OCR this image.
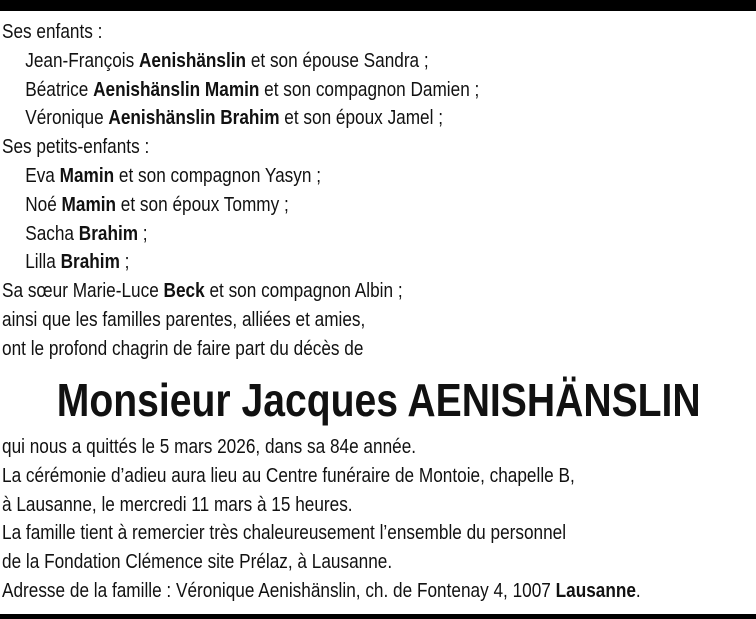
Ses enfants :
Jean-François Aenishänslin et son épouse Sandra ;
Béatrice Aenishänslin Mamin et son compagnon Damien ;
Véronique Aenishänslin Brahim et son époux Jamel ;
Ses petits-enfants :
Eva Mamin et son compagnon Yasyn ;
Noé Mamin et son époux Tommy ;
Sacha Brahim ;
Lilla Brahim ;
Sa sœur Marie-Luce Beck et son compagnon Albin ;
ainsi que les familles parentes, alliées et amies,
ont le profond chagrin de faire part du décès de
Monsieur Jacques AENISHÄNSLIN
qui nous a quittés le 5 mars 2026, dans sa 84e année.
La cérémonie d’adieu aura lieu au Centre funéraire de Montoie, chapelle B,
à Lausanne, le mercredi 11 mars à 15 heures.
La famille tient à remercier très chaleureusement l’ensemble du personnel
de la Fondation Clémence site Prélaz, à Lausanne.
Adresse de la famille : Véronique Aenishänslin, ch. de Fontenay 4, 1007 Lausanne.
